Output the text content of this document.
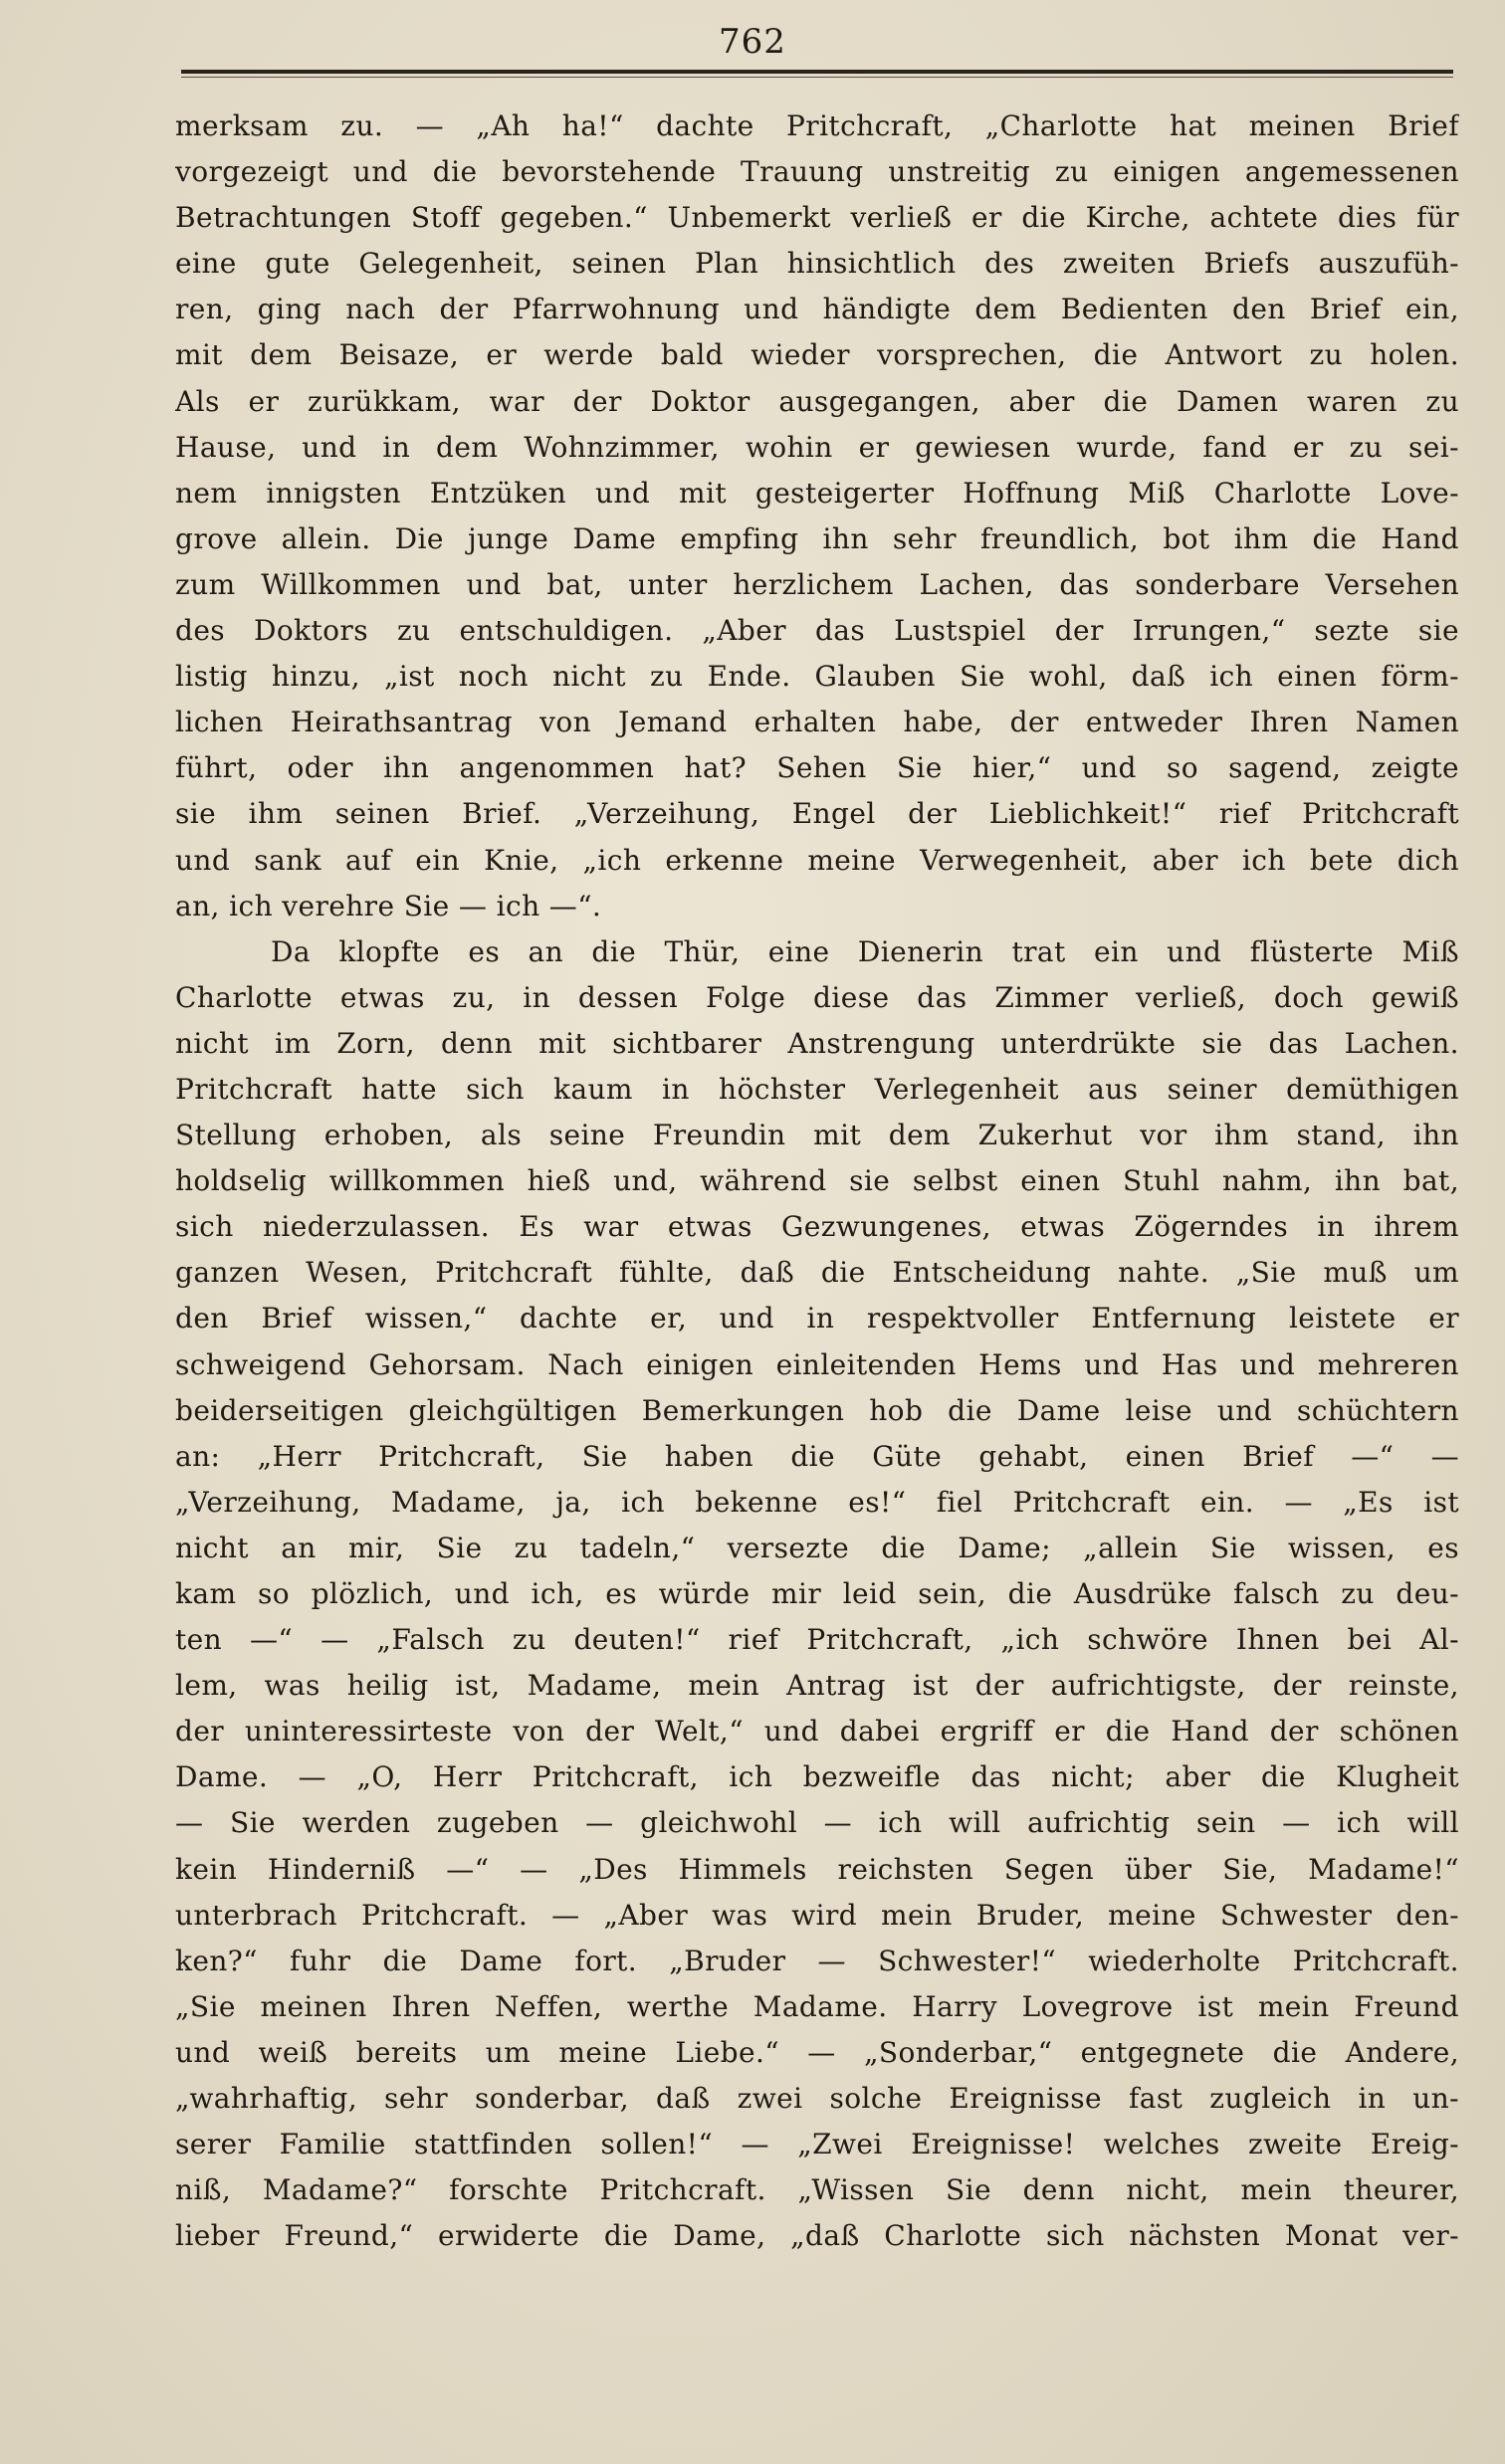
762
merksam zu. — „Ah ha!“ dachte Pritchcraft, „Charlotte hat meinen Brief
vorgezeigt und die bevorstehende Trauung unstreitig zu einigen angemessenen
Betrachtungen Stoff gegeben.“ Unbemerkt verließ er die Kirche, achtete dies für
eine gute Gelegenheit, seinen Plan hinsichtlich des zweiten Briefs auszufüh-
ren, ging nach der Pfarrwohnung und händigte dem Bedienten den Brief ein,
mit dem Beisaze, er werde bald wieder vorsprechen, die Antwort zu holen.
Als er zurükkam, war der Doktor ausgegangen, aber die Damen waren zu
Hause, und in dem Wohnzimmer, wohin er gewiesen wurde, fand er zu sei-
nem innigsten Entzüken und mit gesteigerter Hoffnung Miß Charlotte Love-
grove allein. Die junge Dame empfing ihn sehr freundlich, bot ihm die Hand
zum Willkommen und bat, unter herzlichem Lachen, das sonderbare Versehen
des Doktors zu entschuldigen. „Aber das Lustspiel der Irrungen,“ sezte sie
listig hinzu, „ist noch nicht zu Ende. Glauben Sie wohl, daß ich einen förm-
lichen Heirathsantrag von Jemand erhalten habe, der entweder Ihren Namen
führt, oder ihn angenommen hat? Sehen Sie hier,“ und so sagend, zeigte
sie ihm seinen Brief. „Verzeihung, Engel der Lieblichkeit!“ rief Pritchcraft
und sank auf ein Knie, „ich erkenne meine Verwegenheit, aber ich bete dich
an, ich verehre Sie — ich —“.
Da klopfte es an die Thür, eine Dienerin trat ein und flüsterte Miß
Charlotte etwas zu, in dessen Folge diese das Zimmer verließ, doch gewiß
nicht im Zorn, denn mit sichtbarer Anstrengung unterdrükte sie das Lachen.
Pritchcraft hatte sich kaum in höchster Verlegenheit aus seiner demüthigen
Stellung erhoben, als seine Freundin mit dem Zukerhut vor ihm stand, ihn
holdselig willkommen hieß und, während sie selbst einen Stuhl nahm, ihn bat,
sich niederzulassen. Es war etwas Gezwungenes, etwas Zögerndes in ihrem
ganzen Wesen, Pritchcraft fühlte, daß die Entscheidung nahte. „Sie muß um
den Brief wissen,“ dachte er, und in respektvoller Entfernung leistete er
schweigend Gehorsam. Nach einigen einleitenden Hems und Has und mehreren
beiderseitigen gleichgültigen Bemerkungen hob die Dame leise und schüchtern
an: „Herr Pritchcraft, Sie haben die Güte gehabt, einen Brief —“ —
„Verzeihung, Madame, ja, ich bekenne es!“ fiel Pritchcraft ein. — „Es ist
nicht an mir, Sie zu tadeln,“ versezte die Dame; „allein Sie wissen, es
kam so plözlich, und ich, es würde mir leid sein, die Ausdrüke falsch zu deu-
ten —“ — „Falsch zu deuten!“ rief Pritchcraft, „ich schwöre Ihnen bei Al-
lem, was heilig ist, Madame, mein Antrag ist der aufrichtigste, der reinste,
der uninteressirteste von der Welt,“ und dabei ergriff er die Hand der schönen
Dame. — „O, Herr Pritchcraft, ich bezweifle das nicht; aber die Klugheit
— Sie werden zugeben — gleichwohl — ich will aufrichtig sein — ich will
kein Hinderniß —“ — „Des Himmels reichsten Segen über Sie, Madame!“
unterbrach Pritchcraft. — „Aber was wird mein Bruder, meine Schwester den-
ken?“ fuhr die Dame fort. „Bruder — Schwester!“ wiederholte Pritchcraft.
„Sie meinen Ihren Neffen, werthe Madame. Harry Lovegrove ist mein Freund
und weiß bereits um meine Liebe.“ — „Sonderbar,“ entgegnete die Andere,
„wahrhaftig, sehr sonderbar, daß zwei solche Ereignisse fast zugleich in un-
serer Familie stattfinden sollen!“ — „Zwei Ereignisse! welches zweite Ereig-
niß, Madame?“ forschte Pritchcraft. „Wissen Sie denn nicht, mein theurer,
lieber Freund,“ erwiderte die Dame, „daß Charlotte sich nächsten Monat ver-
